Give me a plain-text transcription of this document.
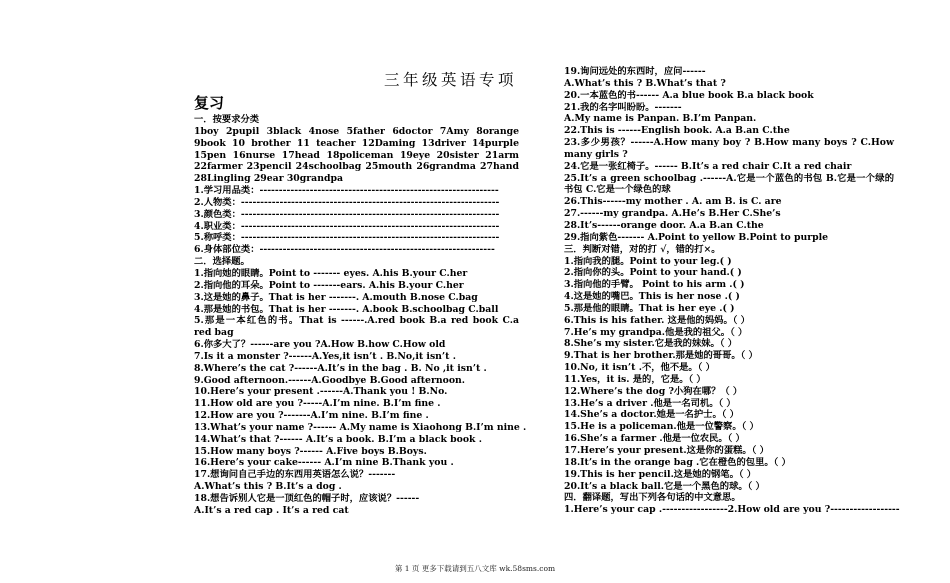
三年级英语专项
复习
一．按要求分类
1boy 2pupil 3black 4nose 5father 6doctor 7Amy 8orange 9book 10 brother 11 teacher 12Daming 13driver 14purple 15pen 16nurse 17head 18policeman 19eye 20sister 21arm 22farmer 23pencil 24schoolbag 25mouth 26grandma 27hand 28Lingling 29ear 30grandpa
1.学习用品类：--------------------------------------------------------------
2.人物类：-------------------------------------------------------------------
3.颜色类：-------------------------------------------------------------------
4.职业类：-------------------------------------------------------------------
5.称呼类：-------------------------------------------------------------------
6.身体部位类：-------------------------------------------------------------
二．选择题。
1.指向她的眼睛。Point to ------- eyes. A.his B.your C.her
2.指向他的耳朵。Point to -------ears. A.his B.your C.her
3.这是她的鼻子。That is her -------. A.mouth B.nose C.bag
4.那是她的书包。That is her -------. A.book B.schoolbag C.ball
5.那是一本红色的书。That is ------.A.red book B.a red book C.a red bag
6.你多大了？------are you ?A.How B.how C.How old
7.Is it a monster ?------A.Yes,it isn’t . B.No,it isn’t .
8.Where’s the cat ?------A.It’s in the bag . B. No ,it isn’t .
9.Good afternoon.------A.Goodbye B.Good afternoon.
10.Here’s your present .------A.Thank you ! B.No.
11.How old are you ?-----A.I’m nine. B.I’m fine .
12.How are you ?-------A.I’m nine. B.I’m fine .
13.What’s your name ?------ A.My name is Xiaohong B.I’m nine .
14.What’s that ?------ A.It’s a book. B.I’m a black book .
15.How many boys ?------ A.Five boys B.Boys.
16.Here’s your cake------ A.I’m nine B.Thank you .
17.想询问自己手边的东西用英语怎么说？-------
A.What’s this ? B.It’s a dog .
18.想告诉别人它是一顶红色的帽子时，应该说？------
A.It’s a red cap . It’s a red cat
19.询问远处的东西时，应问------
A.What’s this ? B.What’s that ?
20.一本蓝色的书------ A.a blue book B.a black book
21.我的名字叫盼盼。-------
A.My name is Panpan. B.I’m Panpan.
22.This is ------English book. A.a B.an C.the
23.多少男孩？------A.How many boy ? B.How many boys ? C.How many girls ?
24.它是一张红椅子。------ B.It’s a red chair C.It a red chair
25.It’s a green schoolbag .------A.它是一个蓝色的书包 B.它是一个绿的书包 C.它是一个绿色的球
26.This------my mother . A. am B. is C. are
27.------my grandpa. A.He’s B.Her C.She’s
28.It’s------orange door. A.a B.an C.the
29.指向紫色------- A.Point to yellow B.Point to purple
三．判断对错，对的打 √，错的打×。
1.指向我的腿。Point to your leg.( )
2.指向你的头。Point to your hand.( )
3.指向他的手臂。 Point to his arm .( )
4.这是她的嘴巴。This is her nose .( )
5.那是他的眼睛。That is her eye .( )
6.This is his father. 这是他的妈妈。（ ）
7.He’s my grandpa.他是我的祖父。（ ）
8.She’s my sister.它是我的妹妹。（ ）
9.That is her brother.那是她的哥哥。（ ）
10.No, it isn’t .不，他不是。（ ）
11.Yes，it is. 是的，它是。（ ）
12.Where’s the dog ?小狗在哪？（ ）
13.He’s a driver .他是一名司机。（ ）
14.She’s a doctor.她是一名护士。（ ）
15.He is a policeman.他是一位警察。（ ）
16.She’s a farmer .他是一位农民。（ ）
17.Here’s your present.这是你的蛋糕。（ ）
18.It’s in the orange bag .它在橙色的包里。（ ）
19.This is her pencil.这是她的钢笔。（ ）
20.It’s a black ball.它是一个黑色的球。（ ）
四．翻译题，写出下列各句话的中文意思。
1.Here’s your cap .-----------------2.How old are you ?------------------
第 1 页 更多下载请到五八文库 wk.58sms.com
